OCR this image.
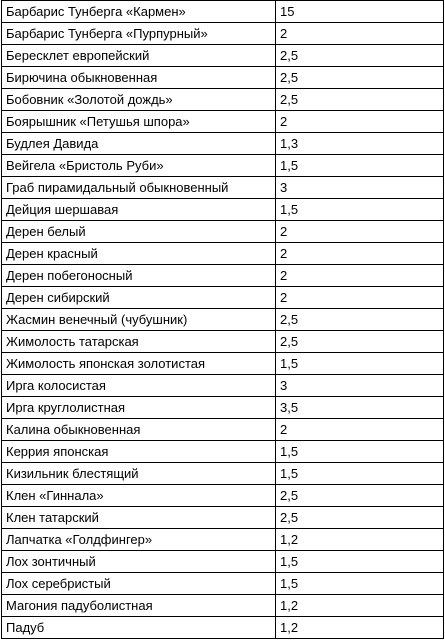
Барбарис Тунберга «Кармен»	15
Барбарис Тунберга «Пурпурный»	2
Бересклет европейский	2,5
Бирючина обыкновенная	2,5
Бобовник «Золотой дождь»	2,5
Боярышник «Петушья шпора»	2
Будлея Давида	1,3
Вейгела «Бристоль Руби»	1,5
Граб пирамидальный обыкновенный	3
Дейция шершавая	1,5
Дерен белый	2
Дерен красный	2
Дерен побегоносный	2
Дерен сибирский	2
Жасмин венечный (чубушник)	2,5
Жимолость татарская	2,5
Жимолость японская золотистая	1,5
Ирга колосистая	3
Ирга круглолистная	3,5
Калина обыкновенная	2
Керрия японская	1,5
Кизильник блестящий	1,5
Клен «Гиннала»	2,5
Клен татарский	2,5
Лапчатка «Голдфингер»	1,2
Лох зонтичный	1,5
Лох серебристый	1,5
Магония падуболистная	1,2
Падуб	1,2
